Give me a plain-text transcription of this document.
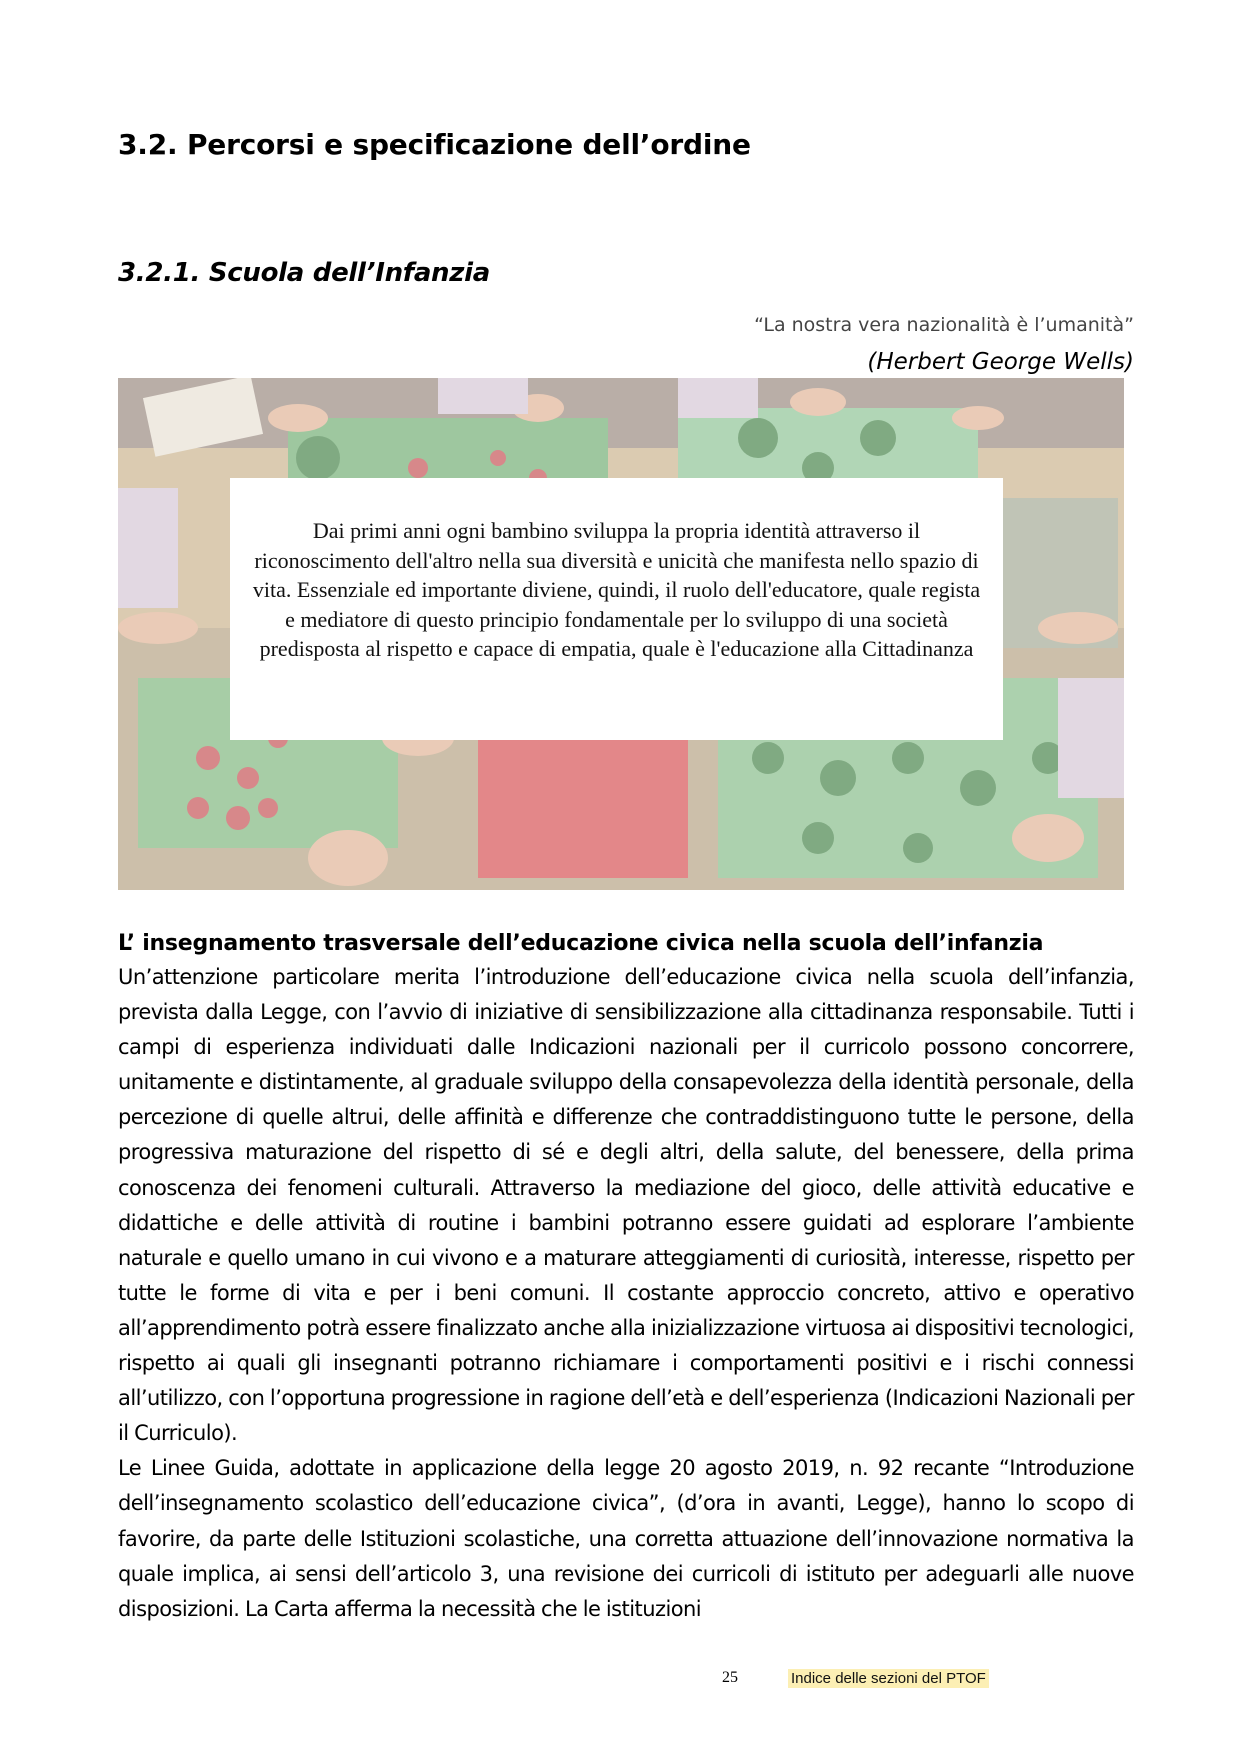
3.2. Percorsi e specificazione dell’ordine
3.2.1. Scuola dell’Infanzia

“La nostra vera nazionalità è l’umanità”

(Herbert George Wells)

Dai primi anni ogni bambino sviluppa la propria identità attraverso il riconoscimento dell'altro nella sua diversità e unicità che manifesta nello spazio di vita. Essenziale ed importante diviene, quindi, il ruolo dell'educatore, quale regista e mediatore di questo principio fondamentale per lo sviluppo di una società predisposta al rispetto e capace di empatia, quale è l'educazione alla Cittadinanza

L’ insegnamento trasversale dell’educazione civica nella scuola dell’infanzia

Un’attenzione particolare merita l’introduzione dell’educazione civica nella scuola dell’infanzia, prevista dalla Legge, con l’avvio di iniziative di sensibilizzazione alla cittadinanza responsabile. Tutti i campi di esperienza individuati dalle Indicazioni nazionali per il curricolo possono concorrere, unitamente e distintamente, al graduale sviluppo della consapevolezza della identità personale, della percezione di quelle altrui, delle affinità e differenze che contraddistinguono tutte le persone, della progressiva maturazione del rispetto di sé e degli altri, della salute, del benessere, della prima conoscenza dei fenomeni culturali. Attraverso la mediazione del gioco, delle attività educative e didattiche e delle attività di routine i bambini potranno essere guidati ad esplorare l’ambiente naturale e quello umano in cui vivono e a maturare atteggiamenti di curiosità, interesse, rispetto per tutte le forme di vita e per i beni comuni. Il costante approccio concreto, attivo e operativo all’apprendimento potrà essere finalizzato anche alla inizializzazione virtuosa ai dispositivi tecnologici, rispetto ai quali gli insegnanti potranno richiamare i comportamenti positivi e i rischi connessi all’utilizzo, con l’opportuna progressione in ragione dell’età e dell’esperienza (Indicazioni Nazionali per il Curriculo).

Le Linee Guida, adottate in applicazione della legge 20 agosto 2019, n. 92 recante “Introduzione dell’insegnamento scolastico dell’educazione civica”, (d’ora in avanti, Legge), hanno lo scopo di favorire, da parte delle Istituzioni scolastiche, una corretta attuazione dell’innovazione normativa la quale implica, ai sensi dell’articolo 3, una revisione dei curricoli di istituto per adeguarli alle nuove disposizioni. La Carta afferma la necessità che le istituzioni

25	Indice delle sezioni del PTOF
